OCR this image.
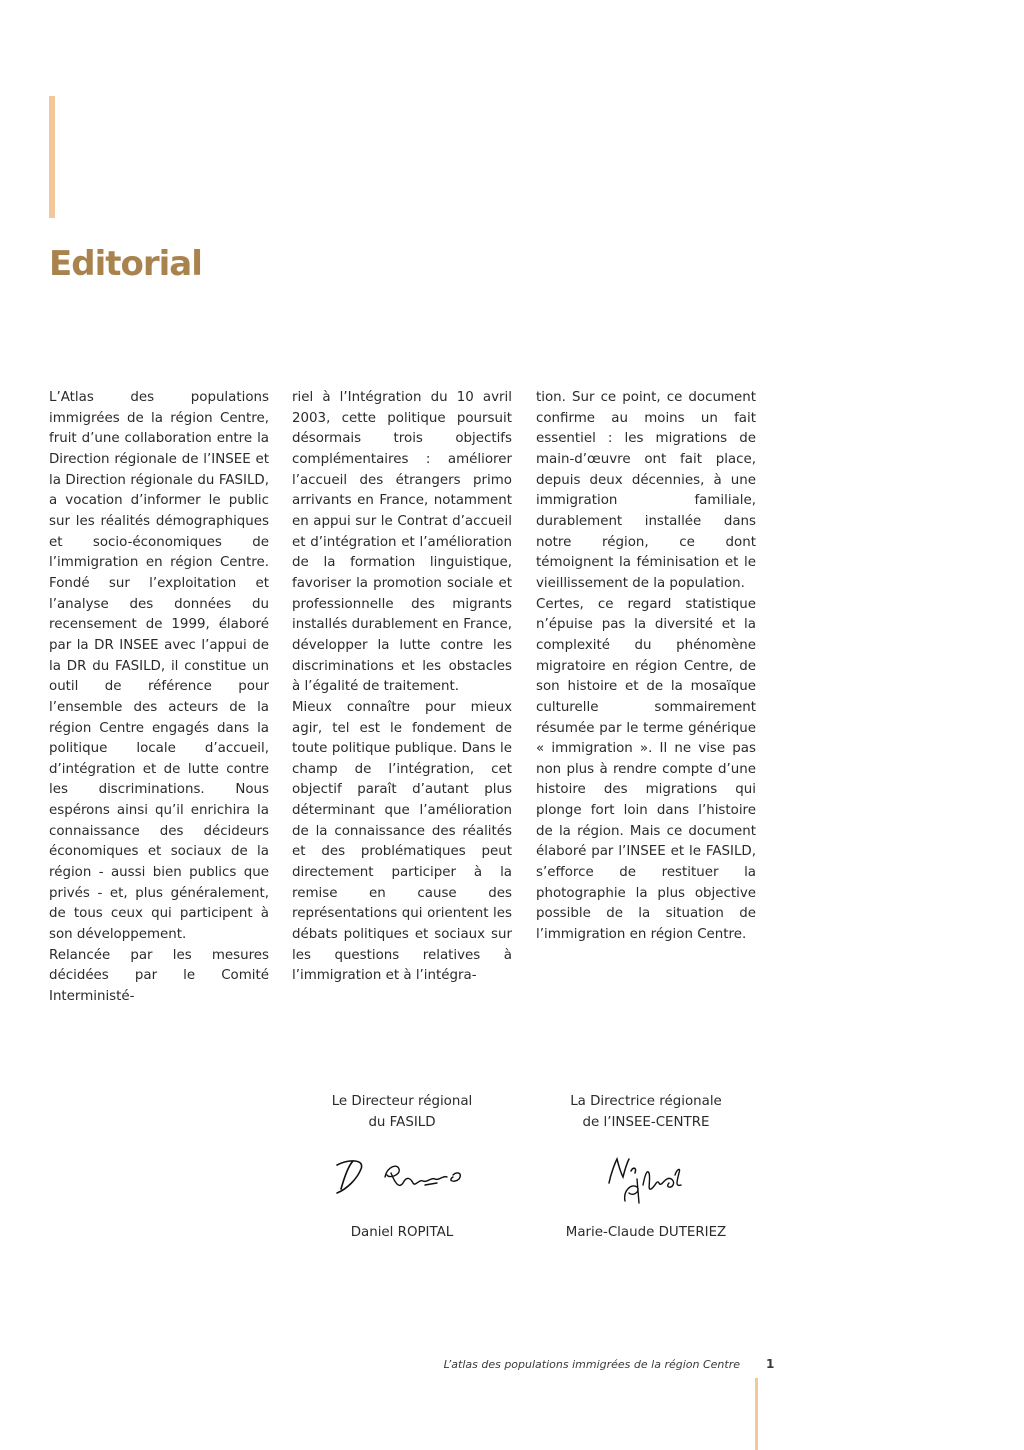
Editorial

L’Atlas des populations immigrées de la région Centre, fruit d’une collaboration entre la Direction régionale de l’INSEE et la Direction régionale du FASILD, a vocation d’informer le public sur les réalités démographiques et socio-économiques de l’immigration en région Centre. Fondé sur l’exploitation et l’analyse des données du recensement de 1999, élaboré par la DR INSEE avec l’appui de la DR du FASILD, il constitue un outil de référence pour l’ensemble des acteurs de la région Centre engagés dans la politique locale d’accueil, d’intégration et de lutte contre les discriminations. Nous espérons ainsi qu’il enrichira la connaissance des décideurs économiques et sociaux de la région - aussi bien publics que privés - et, plus généralement, de tous ceux qui participent à son développement.

Relancée par les mesures décidées par le Comité Interministé-

riel à l’Intégration du 10 avril 2003, cette politique poursuit désormais trois objectifs complémentaires : améliorer l’accueil des étrangers primo arrivants en France, notamment en appui sur le Contrat d’accueil et d’intégration et l’amélioration de la formation linguistique, favoriser la promotion sociale et professionnelle des migrants installés durablement en France, développer la lutte contre les discriminations et les obstacles à l’égalité de traitement.

Mieux connaître pour mieux agir, tel est le fondement de toute politique publique. Dans le champ de l’intégration, cet objectif paraît d’autant plus déterminant que l’amélioration de la connaissance des réalités et des problématiques peut directement participer à la remise en cause des représentations qui orientent les débats politiques et sociaux sur les questions relatives à l’immigration et à l’intégra-

tion. Sur ce point, ce document confirme au moins un fait essentiel : les migrations de main-d’œuvre ont fait place, depuis deux décennies, à une immigration familiale, durablement installée dans notre région, ce dont témoignent la féminisation et le vieillissement de la population.

Certes, ce regard statistique n’épuise pas la diversité et la complexité du phénomène migratoire en région Centre, de son histoire et de la mosaïque culturelle sommairement résumée par le terme générique « immigration ». Il ne vise pas non plus à rendre compte d’une histoire des migrations qui plonge fort loin dans l’histoire de la région. Mais ce document élaboré par l’INSEE et le FASILD, s’efforce de restituer la photographie la plus objective possible de la situation de l’immigration en région Centre.

Le Directeur régional
du FASILD
Daniel ROPITAL
La Directrice régionale
de l’INSEE-CENTRE
Marie-Claude DUTERIEZ
L’atlas des populations immigrées de la région Centre 1
